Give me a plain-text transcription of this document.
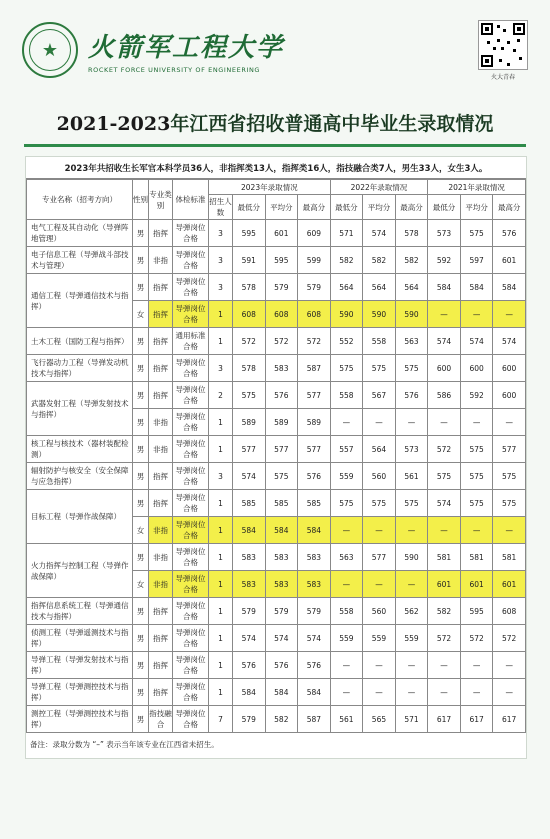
★	火箭军工程大学
ROCKET FORCE UNIVERSITY OF ENGINEERING
火大青春
2021-2023年江西省招收普通高中毕业生录取情况
2023年共招收生长军官本科学员36人，非指挥类13人，指挥类16人，指技融合类7人，男生33人，女生3人。
专业名称（招考方向）	性别	专业类别	体检标准	2023年录取情况				2022年录取情况			2021年录取情况		
				招生人数	最低分	平均分	最高分	最低分	平均分	最高分	最低分	平均分	最高分
电气工程及其自动化（导弹阵地管理）	男	指挥	导弹岗位合格	3	595	601	609	571	574	578	573	575	576
电子信息工程（导弹战斗部技术与管理）	男	非指	导弹岗位合格	3	591	595	599	582	582	582	592	597	601
通信工程（导弹通信技术与指挥）	男	指挥	导弹岗位合格	3	578	579	579	564	564	564	584	584	584
	女	指挥	导弹岗位合格	1	608	608	608	590	590	590	—	—	—
土木工程（国防工程与指挥）	男	指挥	通用标准合格	1	572	572	572	552	558	563	574	574	574
飞行器动力工程（导弹发动机技术与指挥）	男	指挥	导弹岗位合格	3	578	583	587	575	575	575	600	600	600
武器发射工程（导弹发射技术与指挥）	男	指挥	导弹岗位合格	2	575	576	577	558	567	576	586	592	600
	男	非指	导弹岗位合格	1	589	589	589	—	—	—	—	—	—
核工程与核技术（器材装配检测）	男	非指	导弹岗位合格	1	577	577	577	557	564	573	572	575	577
辐射防护与核安全（安全保障与应急指挥）	男	指挥	导弹岗位合格	3	574	575	576	559	560	561	575	575	575
目标工程（导弹作战保障）	男	指挥	导弹岗位合格	1	585	585	585	575	575	575	574	575	575
	女	非指	导弹岗位合格	1	584	584	584	—	—	—	—	—	—
火力指挥与控制工程（导弹作战保障）	男	非指	导弹岗位合格	1	583	583	583	563	577	590	581	581	581
	女	非指	导弹岗位合格	1	583	583	583	—	—	—	601	601	601
指挥信息系统工程（导弹通信技术与指挥）	男	指挥	导弹岗位合格	1	579	579	579	558	560	562	582	595	608
侦测工程（导弹遥测技术与指挥）	男	指挥	导弹岗位合格	1	574	574	574	559	559	559	572	572	572
导弹工程（导弹发射技术与指挥）	男	指挥	导弹岗位合格	1	576	576	576	—	—	—	—	—	—
导弹工程（导弹测控技术与指挥）	男	指挥	导弹岗位合格	1	584	584	584	—	—	—	—	—	—
测控工程（导弹测控技术与指挥）	男	指技融合	导弹岗位合格	7	579	582	587	561	565	571	617	617	617
备注：录取分数为 “–” 表示当年该专业在江西省未招生。
